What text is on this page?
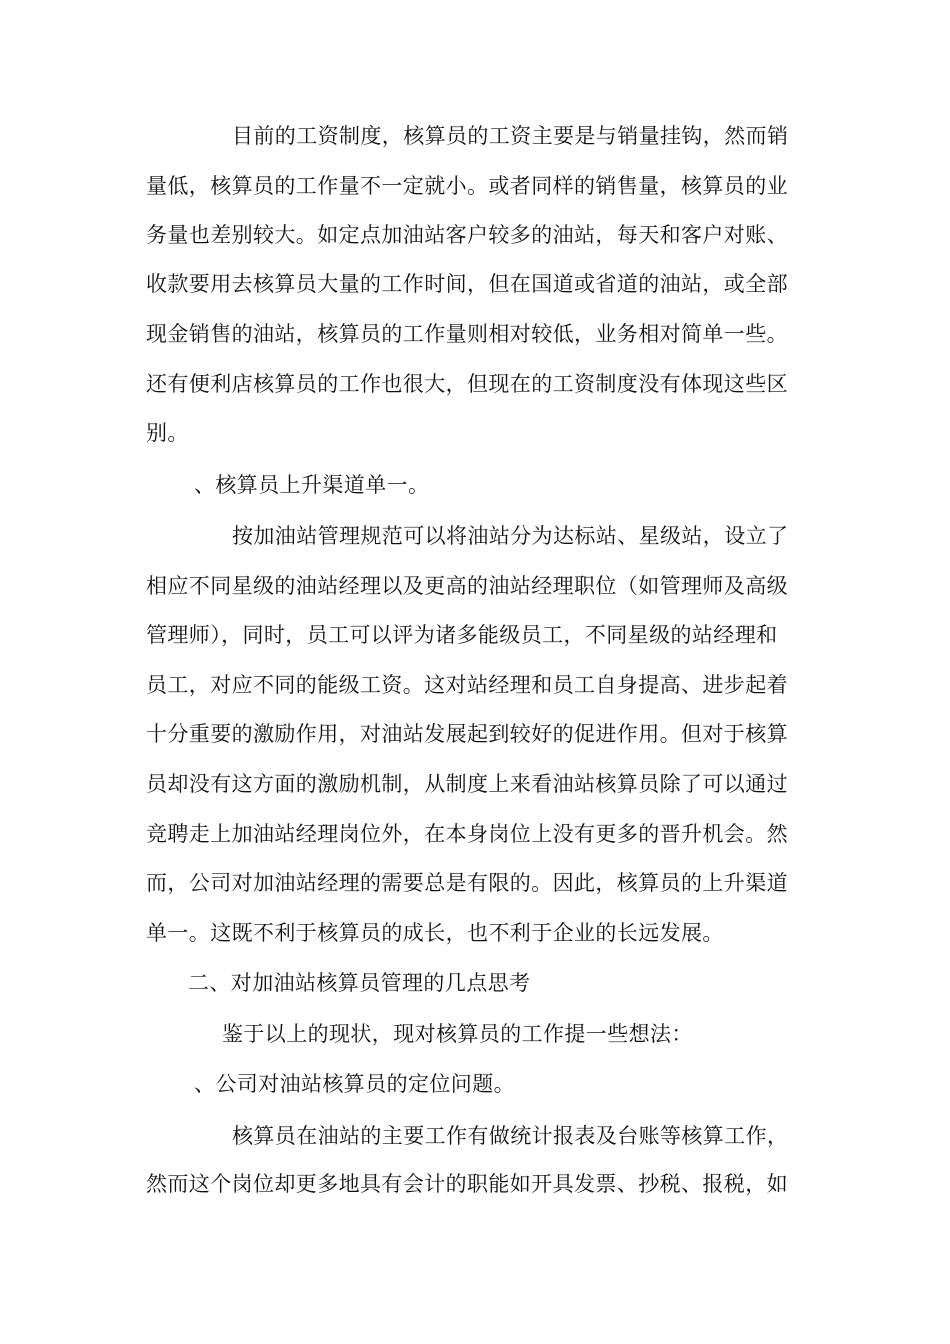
目前的工资制度，核算员的工资主要是与销量挂钩，然而销
量低，核算员的工作量不一定就小。或者同样的销售量，核算员的业
务量也差别较大。如定点加油站客户较多的油站，每天和客户对账、
收款要用去核算员大量的工作时间，但在国道或省道的油站，或全部
现金销售的油站，核算员的工作量则相对较低，业务相对简单一些。
还有便利店核算员的工作也很大，但现在的工资制度没有体现这些区
别。
、核算员上升渠道单一。
按加油站管理规范可以将油站分为达标站、星级站，设立了
相应不同星级的油站经理以及更高的油站经理职位（如管理师及高级
管理师），同时，员工可以评为诸多能级员工，不同星级的站经理和
员工，对应不同的能级工资。这对站经理和员工自身提高、进步起着
十分重要的激励作用，对油站发展起到较好的促进作用。但对于核算
员却没有这方面的激励机制，从制度上来看油站核算员除了可以通过
竞聘走上加油站经理岗位外，在本身岗位上没有更多的晋升机会。然
而，公司对加油站经理的需要总是有限的。因此，核算员的上升渠道
单一。这既不利于核算员的成长，也不利于企业的长远发展。
二、对加油站核算员管理的几点思考
鉴于以上的现状，现对核算员的工作提一些想法：
、公司对油站核算员的定位问题。
核算员在油站的主要工作有做统计报表及台账等核算工作，
然而这个岗位却更多地具有会计的职能如开具发票、抄税、报税，如
